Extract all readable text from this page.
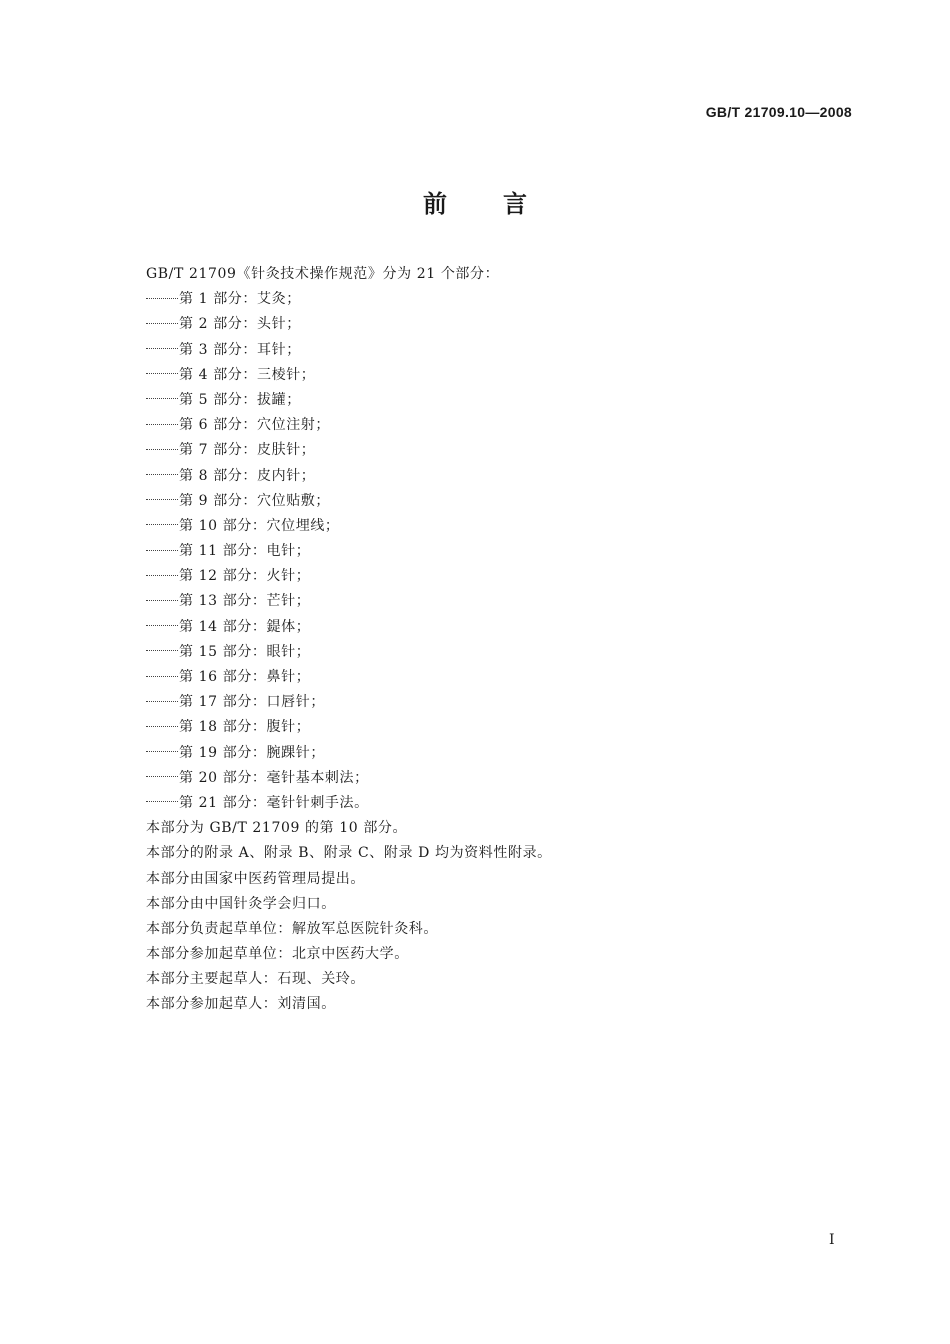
GB/T 21709.10—2008
前 言
GB/T 21709《针灸技术操作规范》分为 21 个部分：
第 1 部分：艾灸；
第 2 部分：头针；
第 3 部分：耳针；
第 4 部分：三棱针；
第 5 部分：拔罐；
第 6 部分：穴位注射；
第 7 部分：皮肤针；
第 8 部分：皮内针；
第 9 部分：穴位贴敷；
第 10 部分：穴位埋线；
第 11 部分：电针；
第 12 部分：火针；
第 13 部分：芒针；
第 14 部分：鍉体；
第 15 部分：眼针；
第 16 部分：鼻针；
第 17 部分：口唇针；
第 18 部分：腹针；
第 19 部分：腕踝针；
第 20 部分：毫针基本刺法；
第 21 部分：毫针针刺手法。
本部分为 GB/T 21709 的第 10 部分。
本部分的附录 A、附录 B、附录 C、附录 D 均为资料性附录。
本部分由国家中医药管理局提出。
本部分由中国针灸学会归口。
本部分负责起草单位：解放军总医院针灸科。
本部分参加起草单位：北京中医药大学。
本部分主要起草人：石现、关玲。
本部分参加起草人：刘清国。
I
